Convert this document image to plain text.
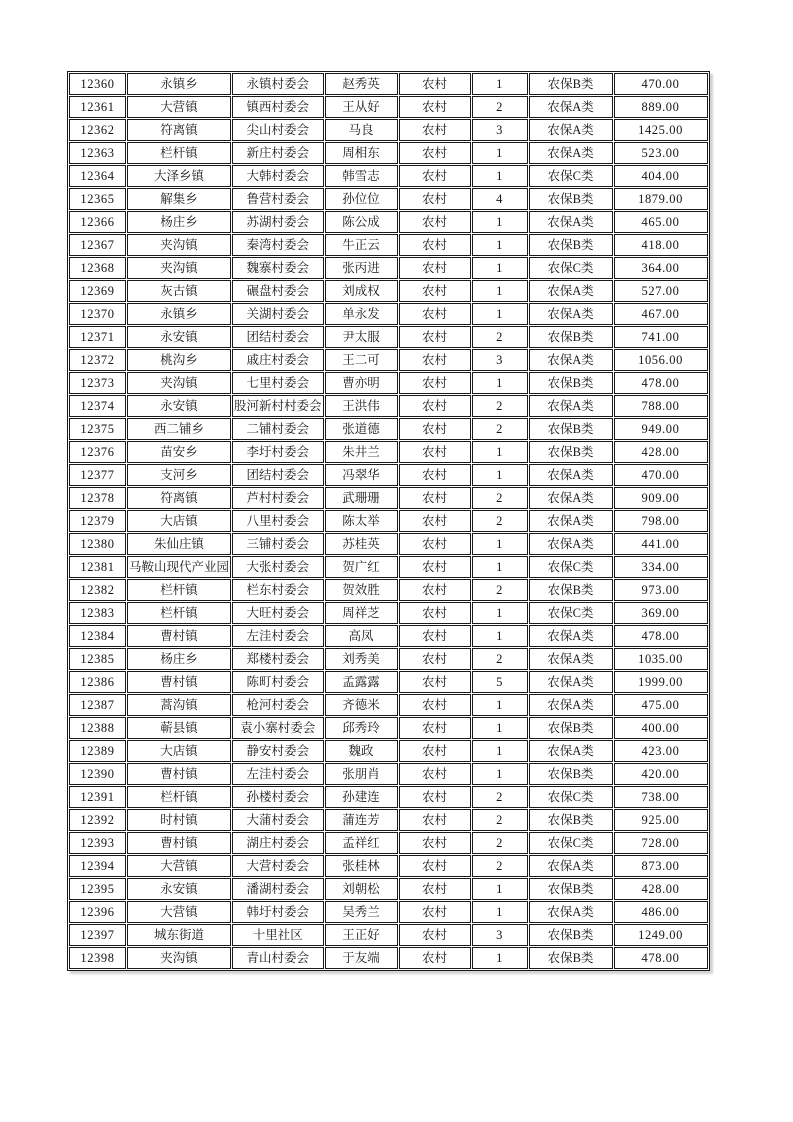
12360	永镇乡	永镇村委会	赵秀英	农村	1	农保B类	470.00
12361	大营镇	镇西村委会	王从好	农村	2	农保A类	889.00
12362	符离镇	尖山村委会	马良	农村	3	农保A类	1425.00
12363	栏杆镇	新庄村委会	周相东	农村	1	农保A类	523.00
12364	大泽乡镇	大韩村委会	韩雪志	农村	1	农保C类	404.00
12365	解集乡	鲁营村委会	孙位位	农村	4	农保B类	1879.00
12366	杨庄乡	苏湖村委会	陈公成	农村	1	农保A类	465.00
12367	夹沟镇	秦湾村委会	牛正云	农村	1	农保B类	418.00
12368	夹沟镇	魏寨村委会	张丙进	农村	1	农保C类	364.00
12369	灰古镇	碾盘村委会	刘成权	农村	1	农保A类	527.00
12370	永镇乡	关湖村委会	单永发	农村	1	农保A类	467.00
12371	永安镇	团结村委会	尹太服	农村	2	农保B类	741.00
12372	桃沟乡	戚庄村委会	王二可	农村	3	农保A类	1056.00
12373	夹沟镇	七里村委会	曹亦明	农村	1	农保B类	478.00
12374	永安镇	股河新村村委会	王洪伟	农村	2	农保A类	788.00
12375	西二铺乡	二铺村委会	张道德	农村	2	农保B类	949.00
12376	苗安乡	李圩村委会	朱井兰	农村	1	农保B类	428.00
12377	支河乡	团结村委会	冯翠华	农村	1	农保A类	470.00
12378	符离镇	芦村村委会	武珊珊	农村	2	农保A类	909.00
12379	大店镇	八里村委会	陈太举	农村	2	农保A类	798.00
12380	朱仙庄镇	三铺村委会	苏桂英	农村	1	农保A类	441.00
12381	马鞍山现代产业园	大张村委会	贺广红	农村	1	农保C类	334.00
12382	栏杆镇	栏东村委会	贺效胜	农村	2	农保B类	973.00
12383	栏杆镇	大旺村委会	周祥芝	农村	1	农保C类	369.00
12384	曹村镇	左洼村委会	高凤	农村	1	农保A类	478.00
12385	杨庄乡	郑楼村委会	刘秀美	农村	2	农保A类	1035.00
12386	曹村镇	陈町村委会	孟露露	农村	5	农保A类	1999.00
12387	蒿沟镇	枪河村委会	齐德米	农村	1	农保A类	475.00
12388	蕲县镇	袁小寨村委会	邱秀玲	农村	1	农保B类	400.00
12389	大店镇	静安村委会	魏政	农村	1	农保A类	423.00
12390	曹村镇	左洼村委会	张朋肖	农村	1	农保B类	420.00
12391	栏杆镇	孙楼村委会	孙建连	农村	2	农保C类	738.00
12392	时村镇	大蒲村委会	蒲连芳	农村	2	农保B类	925.00
12393	曹村镇	湖庄村委会	孟祥红	农村	2	农保C类	728.00
12394	大营镇	大营村委会	张桂林	农村	2	农保A类	873.00
12395	永安镇	潘湖村委会	刘朝松	农村	1	农保B类	428.00
12396	大营镇	韩圩村委会	吴秀兰	农村	1	农保A类	486.00
12397	城东街道	十里社区	王正好	农村	3	农保B类	1249.00
12398	夹沟镇	青山村委会	于友端	农村	1	农保B类	478.00
